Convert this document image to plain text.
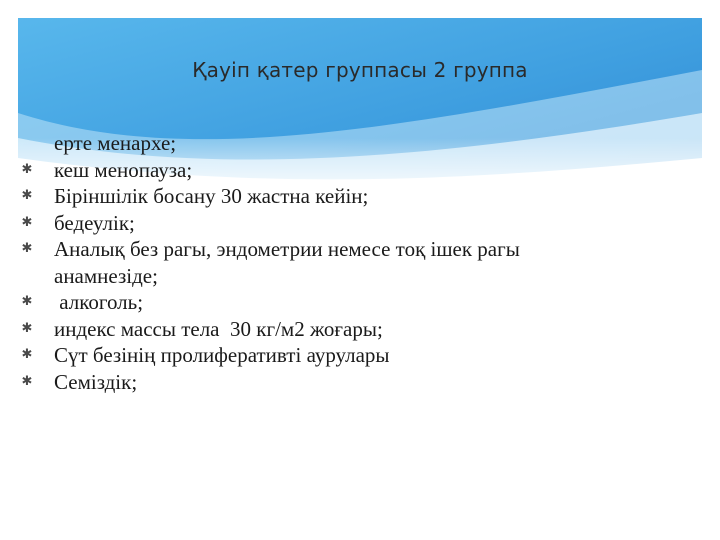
Қауіп қатер группасы 2 группа
ерте менархе;
✱ кеш менопауза;
✱ Біріншілік босану 30 жастна кейін;
✱ бедеулік;
✱ Аналық без рагы, эндометрии немесе тоқ ішек рагы
анамнезіде;
✱ алкоголь;
✱ индекс массы тела  30 кг/м2 жоғары;
✱ Сүт безінің пролиферативті аурулары
✱ Семіздік;
